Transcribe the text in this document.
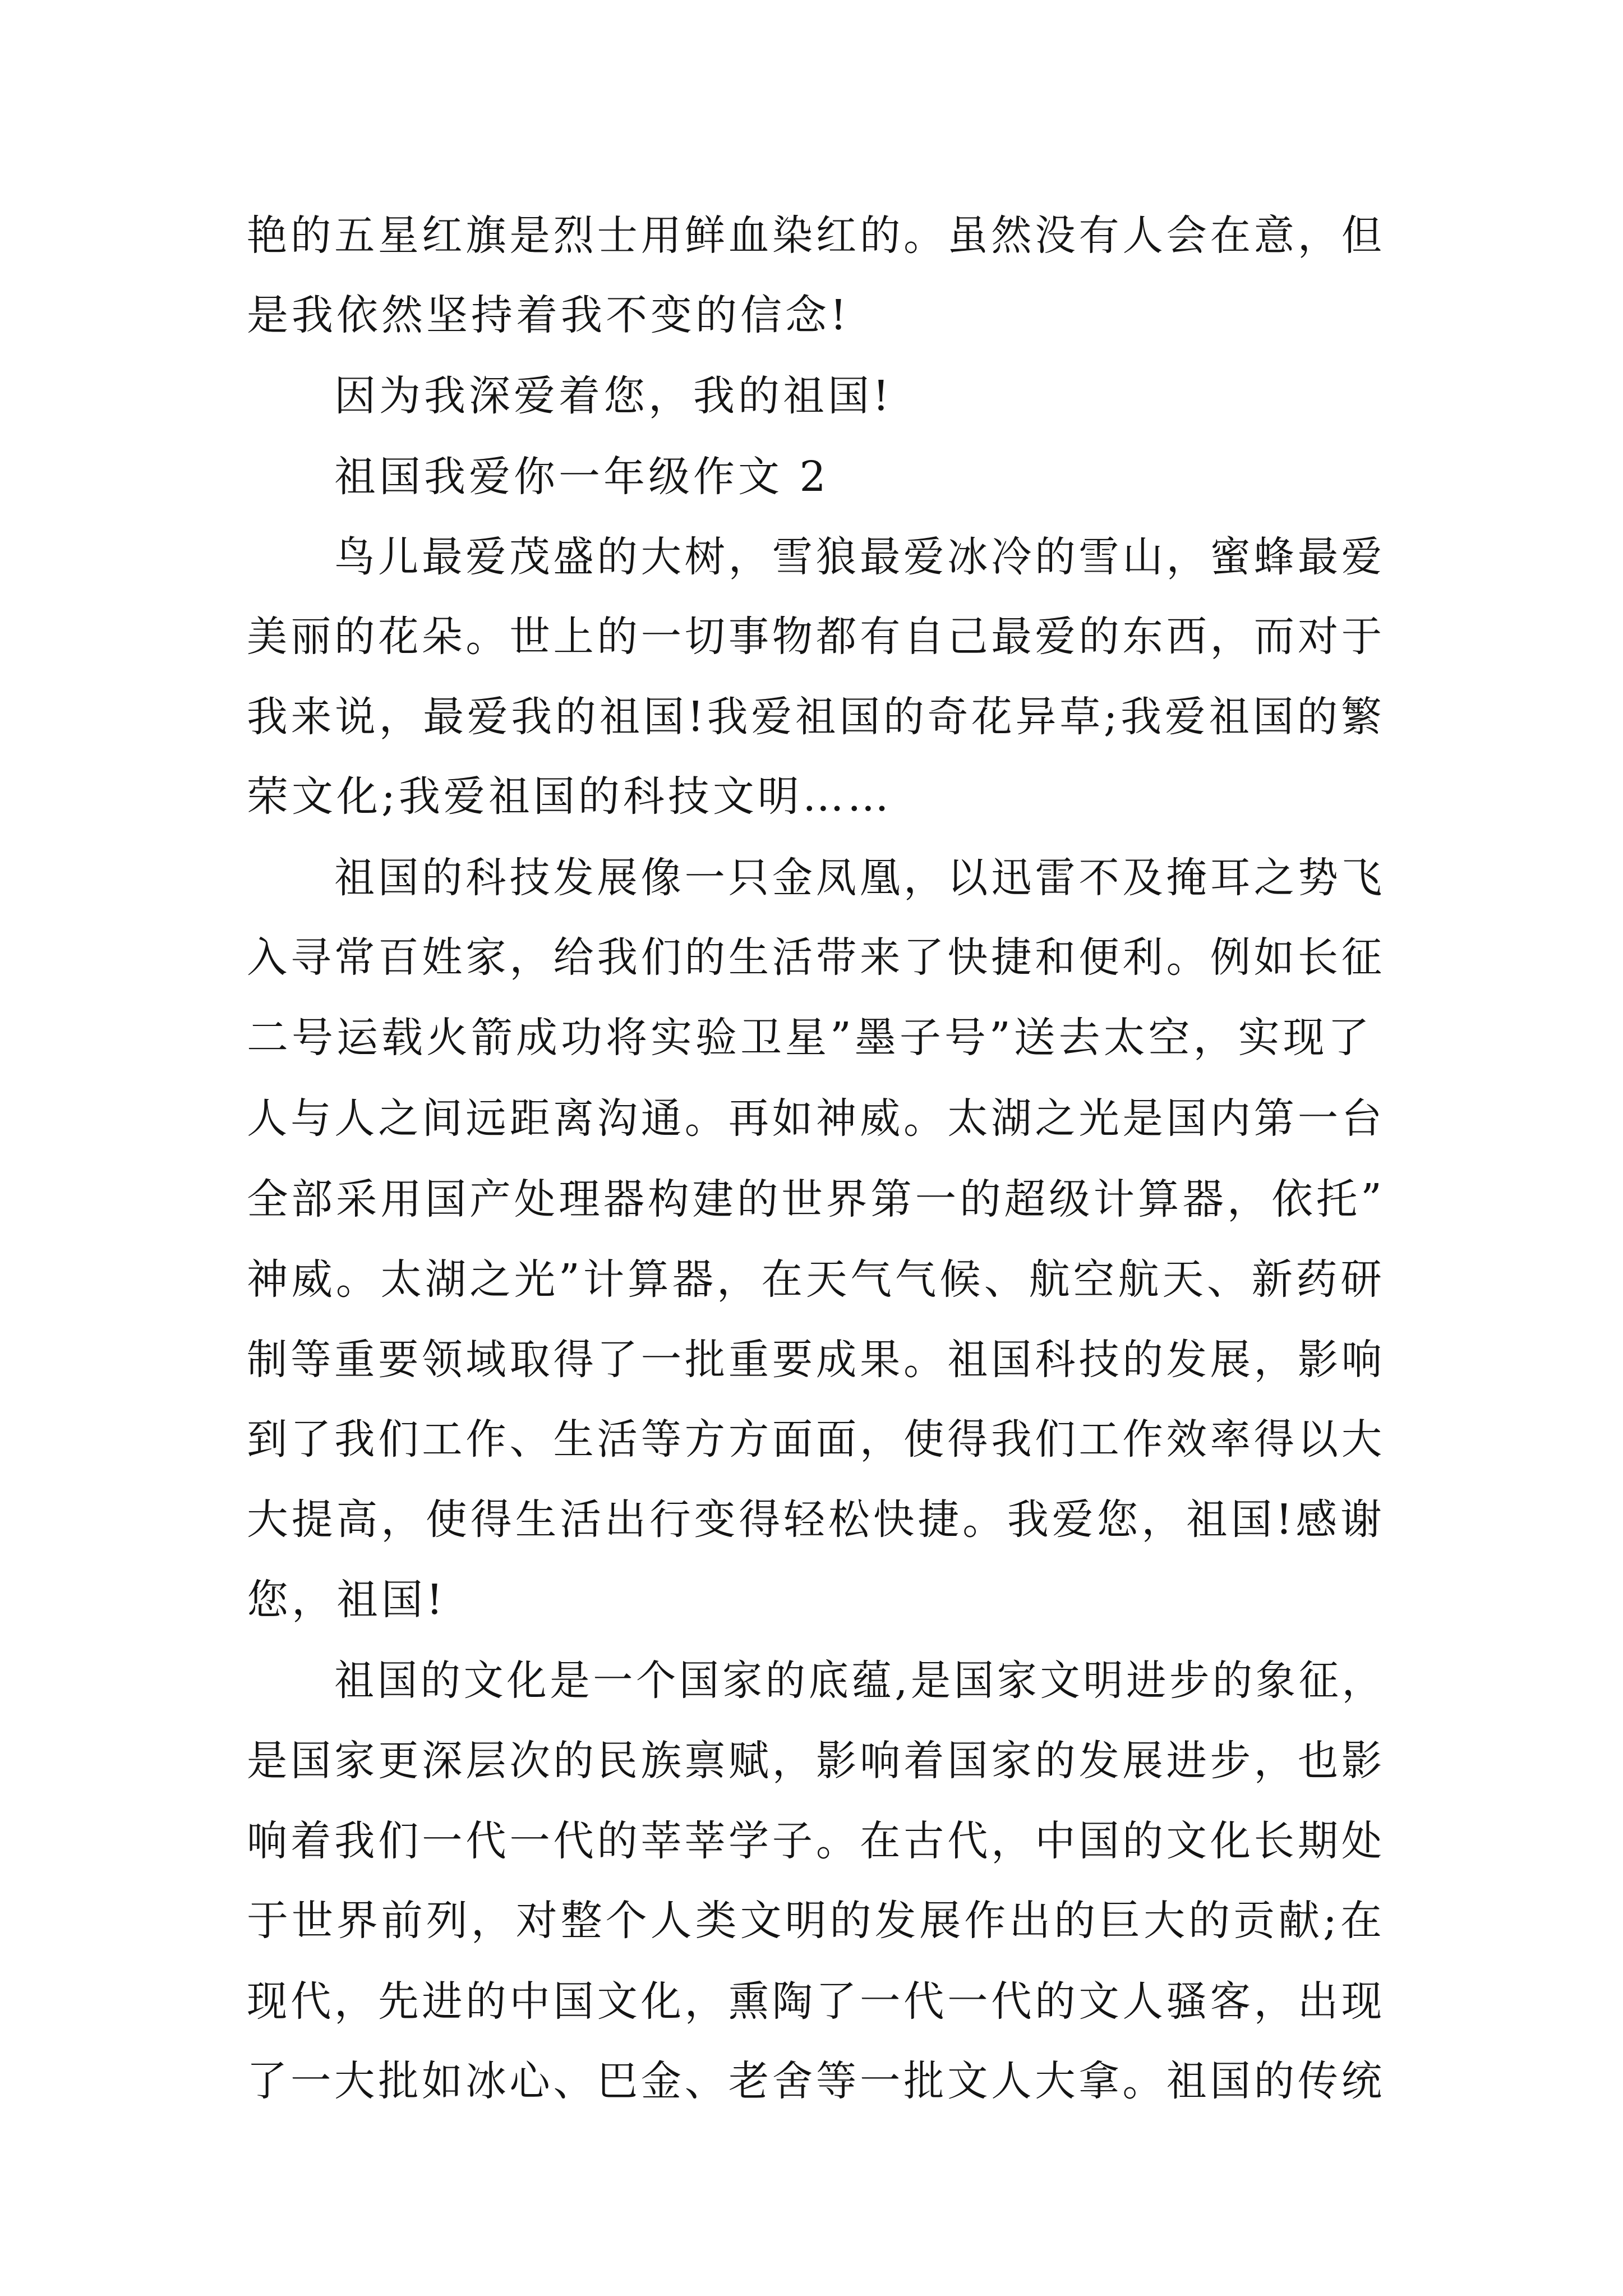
艳的五星红旗是烈士用鲜血染红的。虽然没有人会在意，但
是我依然坚持着我不变的信念!
因为我深爱着您，我的祖国!
祖国我爱你一年级作文 2
鸟儿最爱茂盛的大树，雪狼最爱冰冷的雪山，蜜蜂最爱
美丽的花朵。世上的一切事物都有自己最爱的东西，而对于
我来说，最爱我的祖国!我爱祖国的奇花异草;我爱祖国的繁
荣文化;我爱祖国的科技文明……
祖国的科技发展像一只金凤凰，以迅雷不及掩耳之势飞
入寻常百姓家，给我们的生活带来了快捷和便利。例如长征
二号运载火箭成功将实验卫星”墨子号”送去太空，实现了
人与人之间远距离沟通。再如神威。太湖之光是国内第一台
全部采用国产处理器构建的世界第一的超级计算器，依托”
神威。太湖之光”计算器，在天气气候、航空航天、新药研
制等重要领域取得了一批重要成果。祖国科技的发展，影响
到了我们工作、生活等方方面面，使得我们工作效率得以大
大提高，使得生活出行变得轻松快捷。我爱您，祖国!感谢
您，祖国!
祖国的文化是一个国家的底蕴,是国家文明进步的象征，
是国家更深层次的民族禀赋，影响着国家的发展进步，也影
响着我们一代一代的莘莘学子。在古代，中国的文化长期处
于世界前列，对整个人类文明的发展作出的巨大的贡献;在
现代，先进的中国文化，熏陶了一代一代的文人骚客，出现
了一大批如冰心、巴金、老舍等一批文人大拿。祖国的传统
